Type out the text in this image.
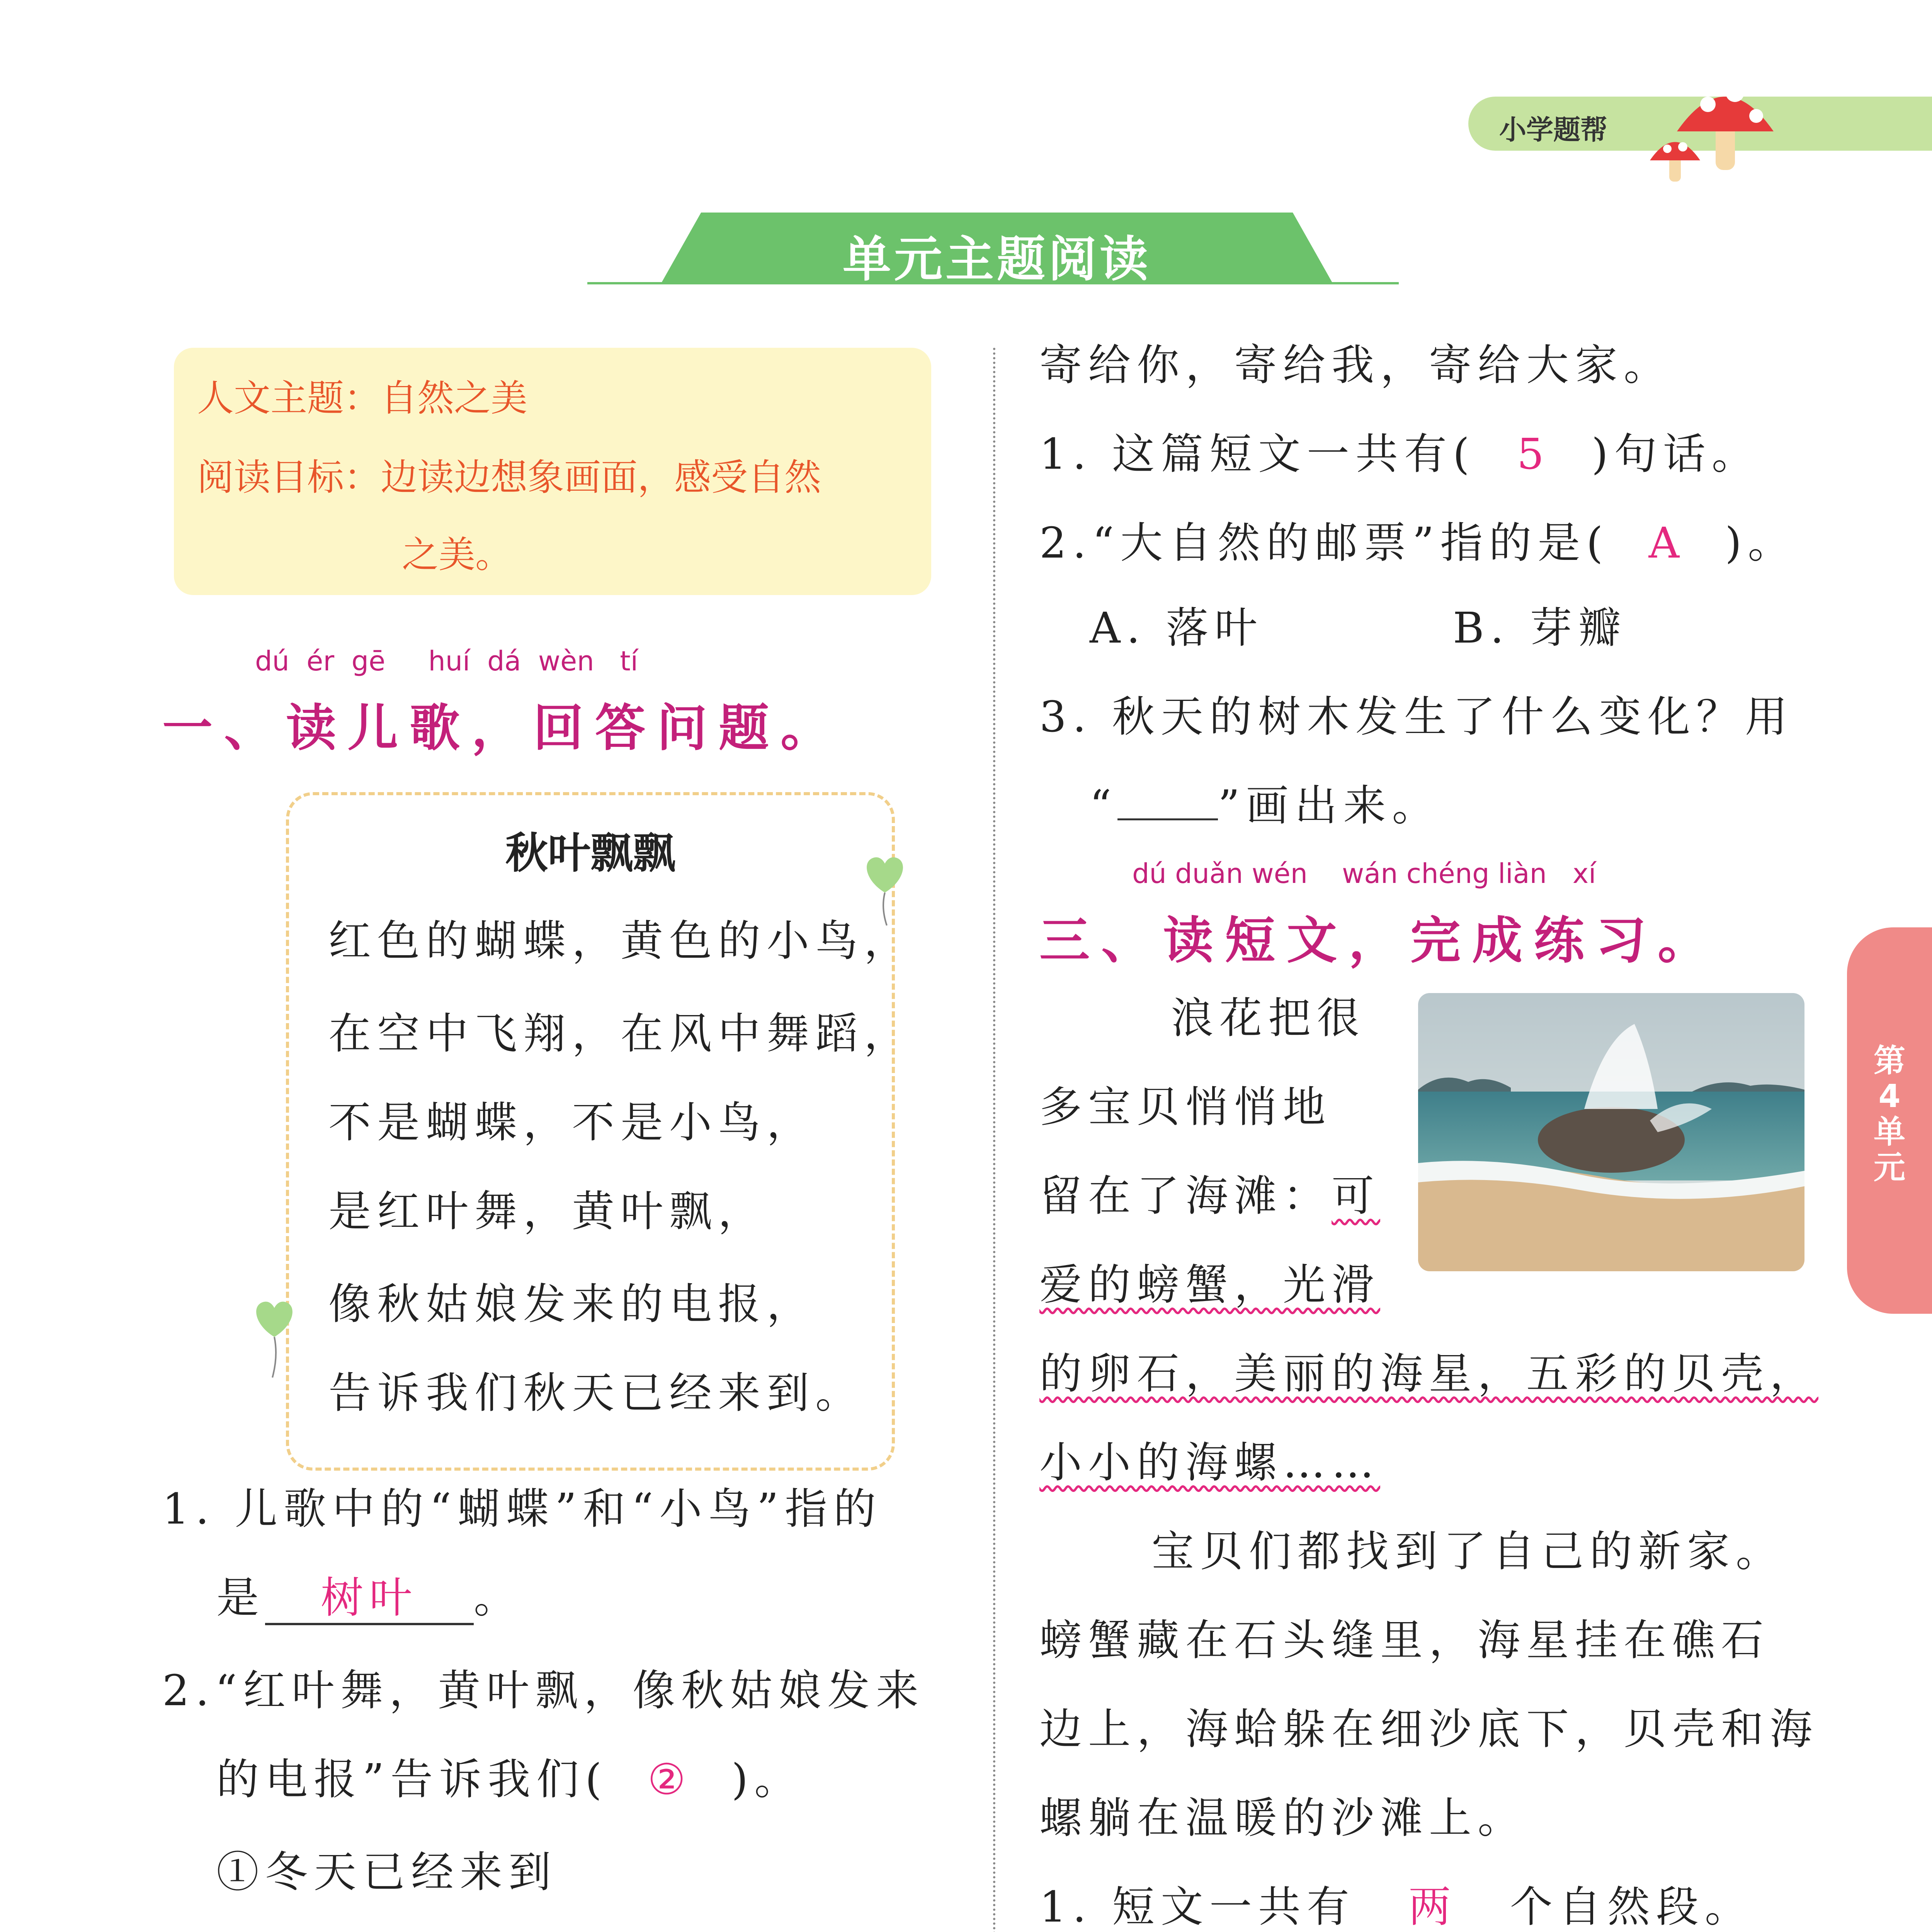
小学题帮
单元主题阅读
人文主题：自然之美
阅读目标：边读边想象画面，感受自然
之美。
dú  ér  gē     huí  dá  wèn   tí
一、读儿歌，回答问题。
秋叶飘飘
红色的蝴蝶，黄色的小鸟，
在空中飞翔，在风中舞蹈，
不是蝴蝶，不是小鸟，
是红叶舞，黄叶飘，
像秋姑娘发来的电报，
告诉我们秋天已经来到。
1. 儿歌中的“蝴蝶”和“小鸟”指的
是 树叶 。
2.“红叶舞，黄叶飘，像秋姑娘发来
的电报”告诉我们( ② )。
①冬天已经来到
寄给你，寄给我，寄给大家。
1. 这篇短文一共有( 5 )句话。
2.“大自然的邮票”指的是( A )。
A. 落叶	B. 芽瓣
3. 秋天的树木发生了什么变化？用
“ ”画出来。
dú duǎn wén    wán chéng liàn   xí
三、读短文，完成练习。
浪花把很
多宝贝悄悄地
留在了海滩：可
爱的螃蟹，光滑
的卵石，美丽的海星，五彩的贝壳，
小小的海螺……
宝贝们都找到了自己的新家。
螃蟹藏在石头缝里，海星挂在礁石
边上，海蛤躲在细沙底下，贝壳和海
螺躺在温暖的沙滩上。
1. 短文一共有 两 个自然段。

第4单元
